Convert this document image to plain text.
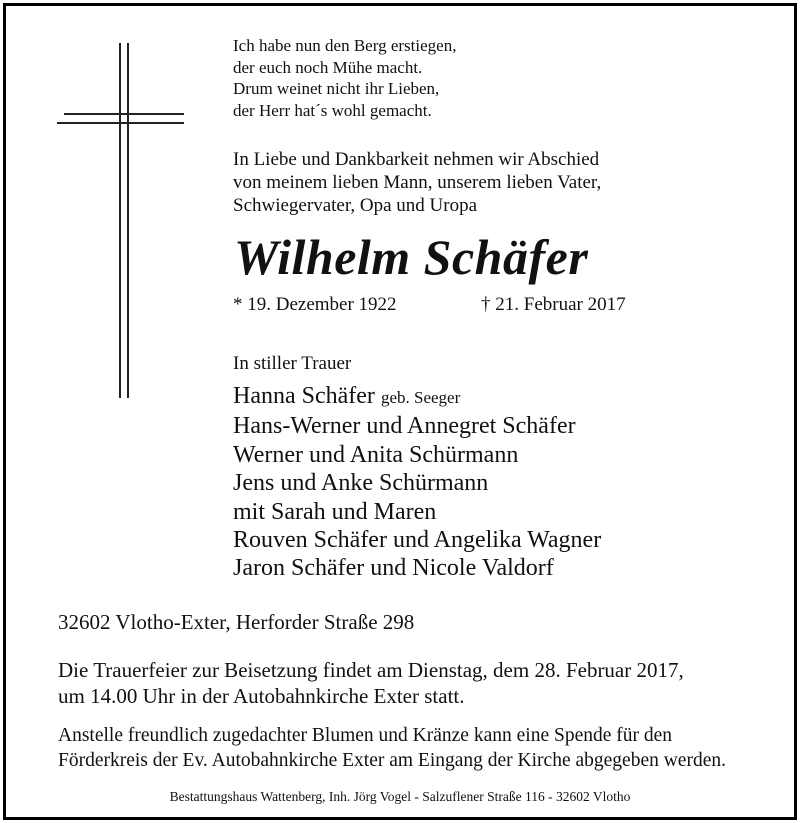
Ich habe nun den Berg erstiegen,
der euch noch Mühe macht.
Drum weinet nicht ihr Lieben,
der Herr hat´s wohl gemacht.
In Liebe und Dankbarkeit nehmen wir Abschied
von meinem lieben Mann, unserem lieben Vater,
Schwiegervater, Opa und Uropa
Wilhelm Schäfer
* 19. Dezember 1922	† 21. Februar 2017
In stiller Trauer
Hanna Schäfer geb. Seeger
Hans-Werner und Annegret Schäfer
Werner und Anita Schürmann
Jens und Anke Schürmann
mit Sarah und Maren
Rouven Schäfer und Angelika Wagner
Jaron Schäfer und Nicole Valdorf
32602 Vlotho-Exter, Herforder Straße 298
Die Trauerfeier zur Beisetzung findet am Dienstag, dem 28. Februar 2017,
um 14.00 Uhr in der Autobahnkirche Exter statt.
Anstelle freundlich zugedachter Blumen und Kränze kann eine Spende für den
Förderkreis der Ev. Autobahnkirche Exter am Eingang der Kirche abgegeben werden.
Bestattungshaus Wattenberg, Inh. Jörg Vogel - Salzuflener Straße 116 - 32602 Vlotho
